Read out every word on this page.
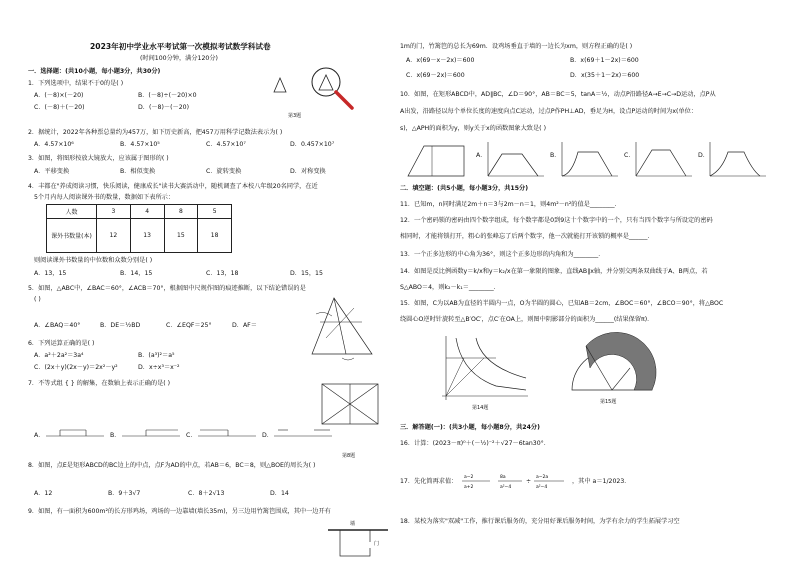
2023年初中学业水平考试第一次模拟考试数学科试卷
(时间100分钟，满分120分)
一．选择题：(共10小题，每小题3分，共30分)
1．下列选项中，结果不于0的是( )
A．(－8)×(－20)	B．(－8)÷(－20)×0
C．(－8)＋(－20)	D．(－8)－(－20)
第3题
2．据统计，2022年各种票总量约为457万，如下历史新高，把457万用科学记数法表示为( )
A．4.57×10⁶	B．4.57×10⁵	C．4.57×10⁷	D．0.457×10⁷
3．如图，将图形按放大镜放大，应该属于图形的( )
A．平移变换	B．相似变换	C．旋转变换	D．对称变换
4．丰都在"养成阅读习惯，快乐阅读，健康成长"读书大赛活动中，随机调查了本校八年级20名同学，在近
5个月内每人阅读课外书的数量，数据如下表所示：
人数	3	4	8	5
课外书数量(本)	12	13	15	18
则阅读课外书数量的中位数和众数分别是( )
A．13，15	B．14，15	C．13，18	D．15，15
5．如图，△ABC中，∠BAC＝60°，∠ACB＝70°，根据图中尺规作图的痕迹推断，以下结论错误的是
( )
A．∠BAQ＝40°	B．DE＝½BD	C．∠EQF＝25°	D．AF＝
6．下列运算正确的是( )
A．a²＋2a²＝3a⁴	B．(a³)²＝a⁵
C．(2x＋y)(2x－y)＝2x²－y²	D．x÷x³＝x⁻²
7．不等式组 { } 的解集，在数轴上表示正确的是( )
A．	B．	C．	D．
第8题
8．如图，点E是矩形ABCD的BC边上的中点，点F为AD的中点，若AB＝6，BC＝8，则△BOE的周长为( )
A．12	B．9＋3√7	C．8＋2√13	D．14
9．如图，有一面积为600m²的长方形鸡场，鸡场的一边靠墙(墙长35m)，另三边用竹篱笆围成，其中一边开有
墙
门
1m的门，竹篱笆的总长为69m．设鸡场垂直于墙的一边长为xm，则方程正确的是( )
A．x(69－x－2x)＝600	B．x(69＋1－2x)＝600
C．x(69－2x)＝600	D．x(35＋1－2x)＝600
10．如图，在矩形ABCD中，AD∥BC，∠D＝90°，AB＝BC＝5，tanA＝½，动点P沿路径A→E→C→D运动，点P从
A出发，沿路径以每个单位长度的速度向点C运动，过点P作PH⊥AD，垂足为H，设点P运动的时间为x(单位：
s)，△APH的面积为y，则y关于x的函数图象大致是( )
A．	B．	C．	D．
二．填空题：(共5小题，每小题3分，共15分)
11．已知m，n同时满足2m＋n＝3与2m－n＝1，则4m²－n²的值是________．
12．一个密码锁的密码由四个数字组成，每个数字都是0到9这十个数字中的一个，只有当四个数字与所设定的密码
相同时，才能将锁打开，粗心的张峰忘了后两个数字，他一次就能打开该锁的概率是______．
13．一个正多边形的中心角为36°，则这个正多边形的内角和为________．
14．如图是反比例函数y＝k/x和y＝k₂/x在第一象限的图象，直线AB∥x轴，并分别交两条双曲线于A、B两点，若
S△ABO＝4，则k₂－k₁＝________．
15．如图，C为以AB为直径的半圆内一点，O为半圆的圆心，已知AB＝2cm，∠BOC＝60°，∠BCO＝90°，将△BOC
绕圆心O逆时针旋转至△B′OC′，点C′在OA上，则图中阴影部分的面积为______(结果保留π)．
第14题
第15题
三．解答题(一)：(共3小题，每小题8分，共24分)
16．计算：(2023－π)⁰＋(－½)⁻²＋√27－6tan30°．
17．先化简再求值：
a−2
a+2
8a
a²−4
÷
a−2a
a²−4
，其中 a＝1/2023．
18．某校为落实"双减"工作，推行课后服务的，充分用好课后服务时间，为学有余力的学生拓展学习空
